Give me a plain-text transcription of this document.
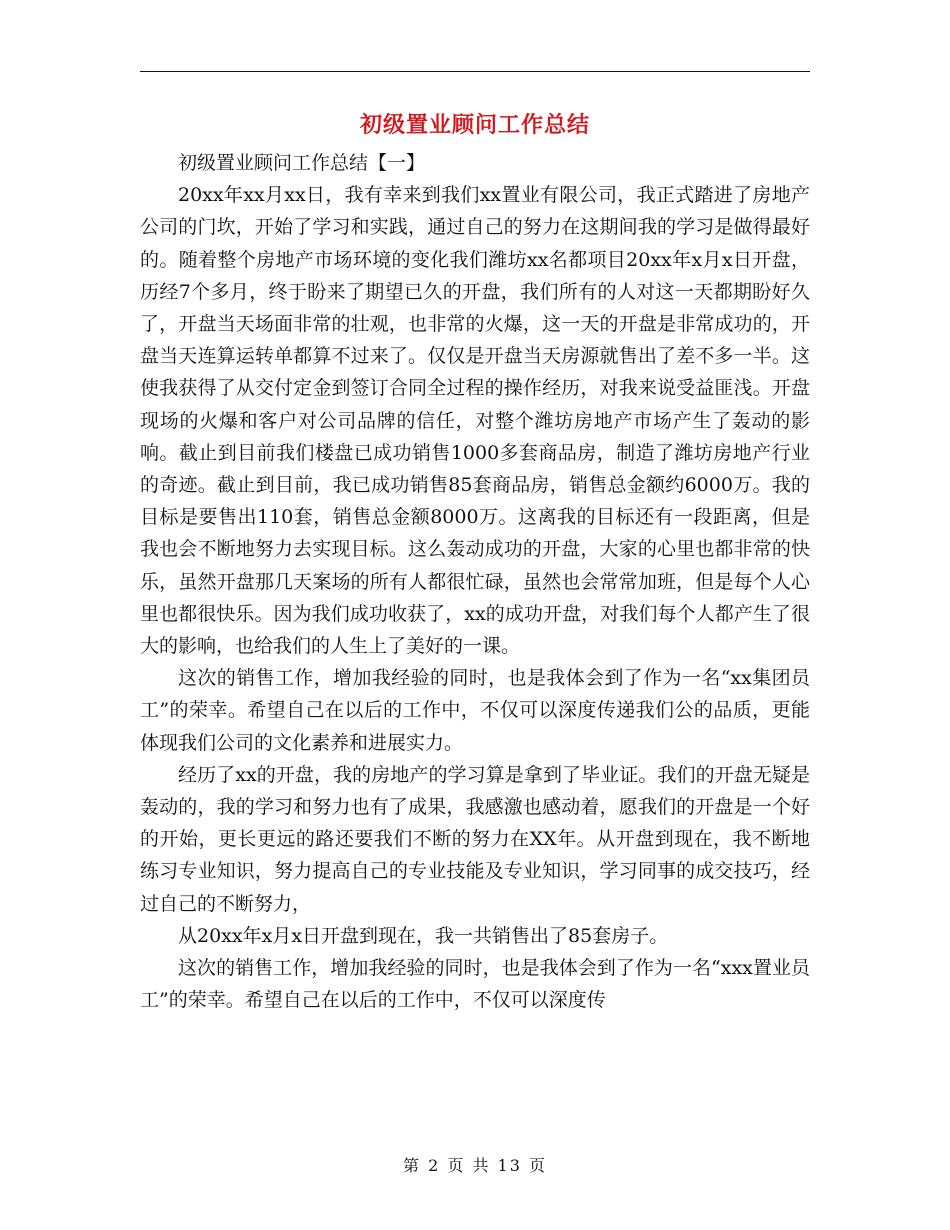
初级置业顾问工作总结

初级置业顾问工作总结【一】

20xx年xx月xx日，我有幸来到我们xx置业有限公司，我正式踏进了房地产公司的门坎，开始了学习和实践，通过自己的努力在这期间我的学习是做得最好的。随着整个房地产市场环境的变化我们潍坊xx名都项目20xx年x月x日开盘，历经7个多月，终于盼来了期望已久的开盘，我们所有的人对这一天都期盼好久了，开盘当天场面非常的壮观，也非常的火爆，这一天的开盘是非常成功的，开盘当天连算运转单都算不过来了。仅仅是开盘当天房源就售出了差不多一半。这使我获得了从交付定金到签订合同全过程的操作经历，对我来说受益匪浅。开盘现场的火爆和客户对公司品牌的信任，对整个潍坊房地产市场产生了轰动的影响。截止到目前我们楼盘已成功销售1000多套商品房，制造了潍坊房地产行业的奇迹。截止到目前，我已成功销售85套商品房，销售总金额约6000万。我的目标是要售出110套，销售总金额8000万。这离我的目标还有一段距离，但是我也会不断地努力去实现目标。这么轰动成功的开盘，大家的心里也都非常的快乐，虽然开盘那几天案场的所有人都很忙碌，虽然也会常常加班，但是每个人心里也都很快乐。因为我们成功收获了，xx的成功开盘，对我们每个人都产生了很大的影响，也给我们的人生上了美好的一课。

这次的销售工作，增加我经验的同时，也是我体会到了作为一名“xx集团员工”的荣幸。希望自己在以后的工作中，不仅可以深度传递我们公的品质，更能体现我们公司的文化素养和进展实力。

经历了xx的开盘，我的房地产的学习算是拿到了毕业证。我们的开盘无疑是轰动的，我的学习和努力也有了成果，我感激也感动着，愿我们的开盘是一个好的开始，更长更远的路还要我们不断的努力在XX年。从开盘到现在，我不断地练习专业知识，努力提高自己的专业技能及专业知识，学习同事的成交技巧，经过自己的不断努力，

从20xx年x月x日开盘到现在，我一共销售出了85套房子。

这次的销售工作，增加我经验的同时，也是我体会到了作为一名“xxx置业员工”的荣幸。希望自己在以后的工作中，不仅可以深度传

第 2 页 共 13 页
